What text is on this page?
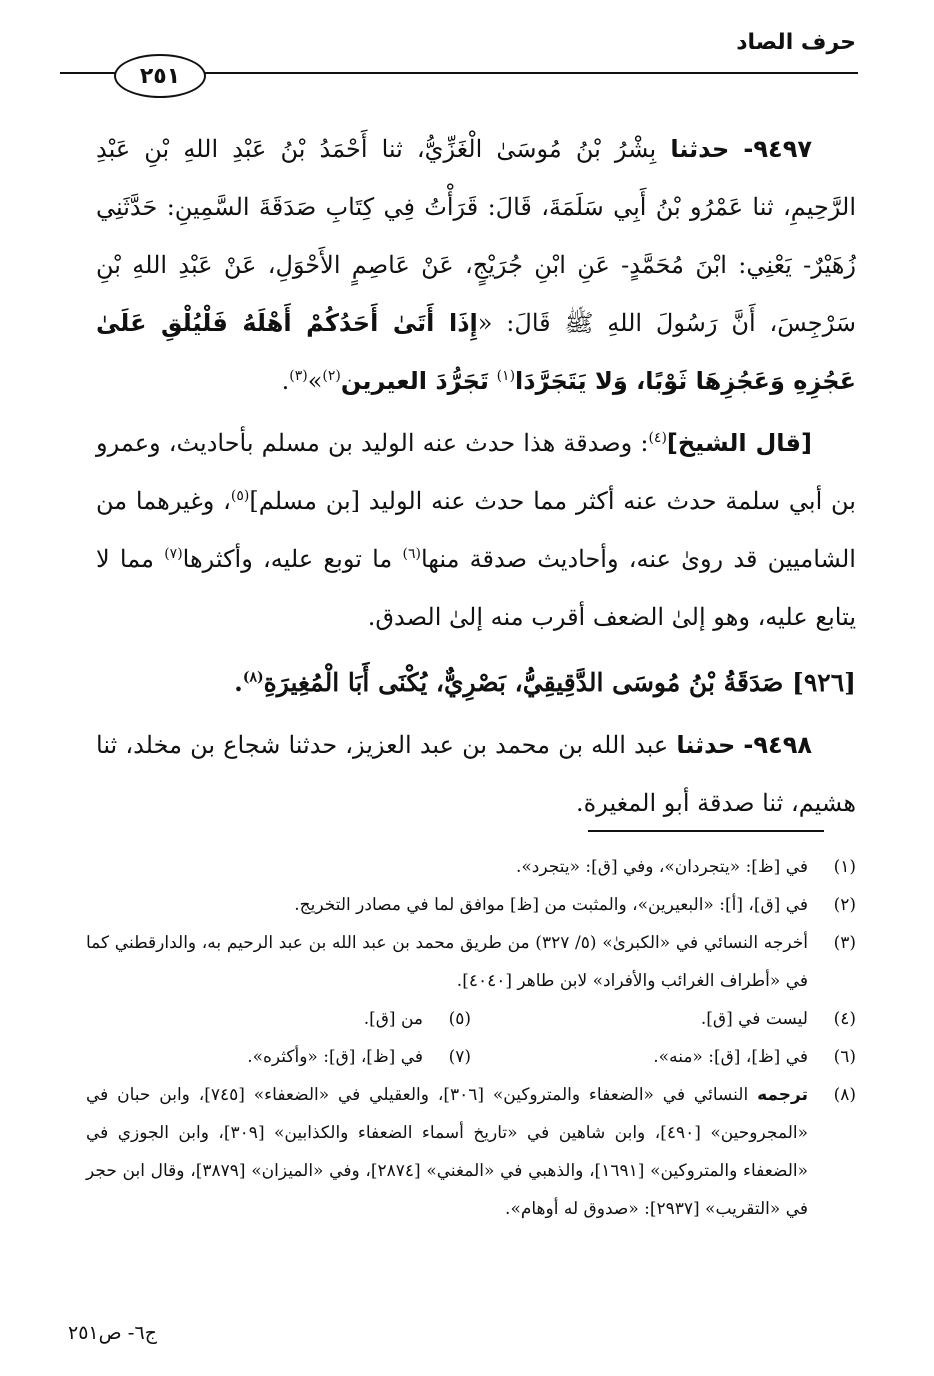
حرف الصاد
٢٥١

٩٤٩٧- حدثنا بِشْرُ بْنُ مُوسَىٰ الْغَزِّيُّ، ثنا أَحْمَدُ بْنُ عَبْدِ اللهِ بْنِ عَبْدِ الرَّحِيمِ، ثنا عَمْرُو بْنُ أَبِي سَلَمَةَ، قَالَ: قَرَأْتُ فِي كِتَابِ صَدَقَةَ السَّمِينِ: حَدَّثَنِي زُهَيْرٌ- يَعْنِي: ابْنَ مُحَمَّدٍ- عَنِ ابْنِ جُرَيْجٍ، عَنْ عَاصِمٍ الأَحْوَلِ، عَنْ عَبْدِ اللهِ بْنِ سَرْجِسَ، أَنَّ رَسُولَ اللهِ ﷺ قَالَ: «إِذَا أَتَىٰ أَحَدُكُمْ أَهْلَهُ فَلْيُلْقِ عَلَىٰ عَجُزِهِ وَعَجُزِهَا ثَوْبًا، وَلا يَتَجَرَّدَا$^{(١)}$ تَجَرُّدَ العيرين$^{(٢)}$»$^{(٣)}$.

[قال الشيخ]$^{(٤)}$: وصدقة هذا حدث عنه الوليد بن مسلم بأحاديث، وعمرو بن أبي سلمة حدث عنه أكثر مما حدث عنه الوليد [بن مسلم]$^{(٥)}$، وغيرهما من الشاميين قد روىٰ عنه، وأحاديث صدقة منها$^{(٦)}$ ما توبع عليه، وأكثرها$^{(٧)}$ مما لا يتابع عليه، وهو إلىٰ الضعف أقرب منه إلىٰ الصدق.

[٩٢٦] صَدَقَةُ بْنُ مُوسَى الدَّقِيقِيُّ، بَصْرِيٌّ، يُكْنَى أَبَا الْمُغِيرَةِ$^{(٨)}$.

٩٤٩٨- حدثنا عبد الله بن محمد بن عبد العزيز، حدثنا شجاع بن مخلد، ثنا هشيم، ثنا صدقة أبو المغيرة.

(١)
في [ظ]: «يتجردان»، وفي [ق]: «يتجرد».
(٢)
في [ق]، [أ]: «البعيرين»، والمثبت من [ظ] موافق لما في مصادر التخريج.
(٣)
أخرجه النسائي في «الكبرىٰ» (٥/ ٣٢٧) من طريق محمد بن عبد الله بن عبد الرحيم به، والدارقطني كما في «أطراف الغرائب والأفراد» لابن طاهر [٤٠٤٠].
(٤)
ليست في [ق].
(٥)
من [ق].
(٦)
في [ظ]، [ق]: «منه».
(٧)
في [ظ]، [ق]: «وأكثره».
(٨)
ترجمه النسائي في «الضعفاء والمتروكين» [٣٠٦]، والعقيلي في «الضعفاء» [٧٤٥]، وابن حبان في «المجروحين» [٤٩٠]، وابن شاهين في «تاريخ أسماء الضعفاء والكذابين» [٣٠٩]، وابن الجوزي في «الضعفاء والمتروكين» [١٦٩١]، والذهبي في «المغني» [٢٨٧٤]، وفي «الميزان» [٣٨٧٩]، وقال ابن حجر في «التقريب» [٢٩٣٧]: «صدوق له أوهام».
ج٦- ص٢٥١
